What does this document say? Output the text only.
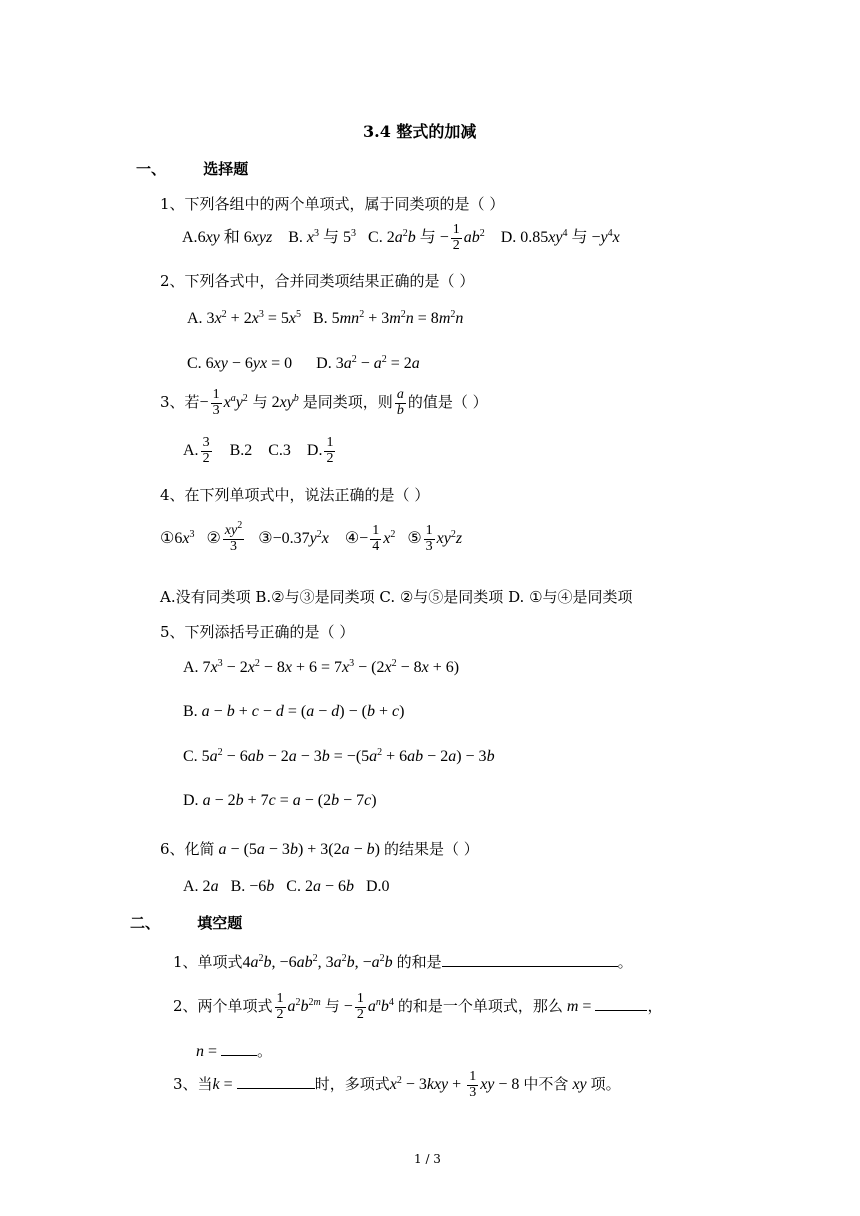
3.4 整式的加减
一、 选择题
1、下列各组中的两个单项式，属于同类项的是（ ）
A.6xy 和 6xyz B. $x^3$ 与 $5^3$ C. $2a^2b$ 与 − $\frac{1}{2} ab^2$ D. $0.85xy^4$ 与 $-y^4x$
2、下列各式中，合并同类项结果正确的是（ ）
A. $3x^2 + 2x^3 = 5x^5$   B. $5mn^2 + 3m^2n = 8m^2n$
C. 6xy − 6yx = 0      D. $3a^2 - a^2 = 2a$
3、若− $\frac{1}{3} x^ay^2$ 与 $2xy^b$ 是同类项，则 $\frac{a}{b}$ 的值是（ ）
A. $\frac{3}{2} B.2$ C.3    D. $\frac{1}{2}$
4、在下列单项式中，说法正确的是（ ）
$①6x^3$   ② $\frac{xy^2}{3}$ $③-0.37y^2x$    ④− $\frac{1}{4} x^2$   ⑤ $\frac{1}{3} xy^2z$
A.没有同类项 B.②与③是同类项 C. ②与⑤是同类项 D. ①与④是同类项
5、下列添括号正确的是（ ）
A. $7x^3 - 2x^2 - 8x + 6 = 7x^3 - (2x^2 - 8x + 6)$
B. a − b + c − d = (a − d) − (b + c)
C. $5a^2 - 6ab - 2a - 3b = -(5a^2 + 6ab - 2a) - 3b$
D. a − 2b + 7c = a − (2b − 7c)
6、化简 a − (5a − 3b) + 3(2a − b) 的结果是（ ）
A. 2a   B. −6b   C. 2a − 6b   D.0
二、 填空题
1、单项式$4a^2b$, $-6ab^2$, $3a^2b$, $-a^2b$ 的和是	。
2、两个单项式 $\frac{1}{2} a^2b^{2m}$ 与 − $\frac{1}{2} a^nb^4$ 的和是一个单项式，那么 m =	，
n = 。
3、当k =	时，多项式$x^2 - 3kxy + \frac{1}{3}$ xy − 8 中不含 xy 项。
1 / 3
